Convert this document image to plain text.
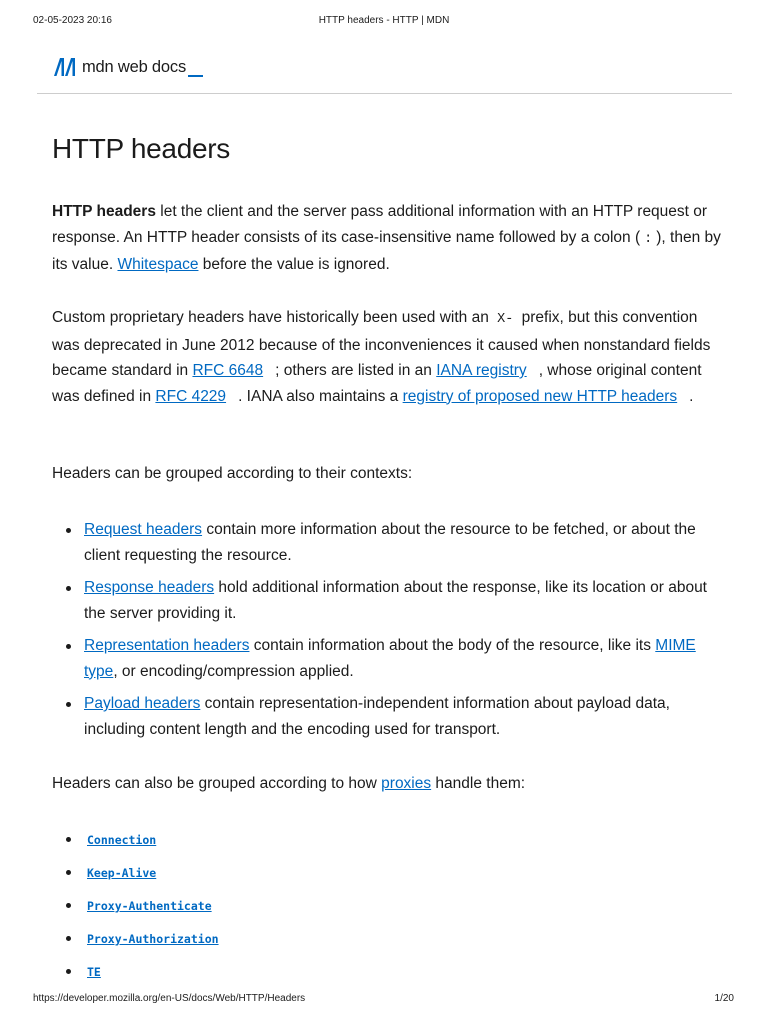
02-05-2023 20:16	HTTP headers - HTTP | MDN
mdn web docs
HTTP headers

HTTP headers let the client and the server pass additional information with an HTTP request or response. An HTTP header consists of its case-insensitive name followed by a colon ( : ), then by its value. Whitespace before the value is ignored.

Custom proprietary headers have historically been used with an X- prefix, but this convention was deprecated in June 2012 because of the inconveniences it caused when nonstandard fields became standard in RFC 6648 ; others are listed in an IANA registry , whose original content was defined in RFC 4229 . IANA also maintains a registry of proposed new HTTP headers .

Headers can be grouped according to their contexts:

Request headers contain more information about the resource to be fetched, or about the client requesting the resource.
Response headers hold additional information about the response, like its location or about the server providing it.
Representation headers contain information about the body of the resource, like its MIME type, or encoding/compression applied.
Payload headers contain representation-independent information about payload data, including content length and the encoding used for transport.

Headers can also be grouped according to how proxies handle them:

Connection
Keep-Alive
Proxy-Authenticate
Proxy-Authorization
TE
https://developer.mozilla.org/en-US/docs/Web/HTTP/Headers	1/20
